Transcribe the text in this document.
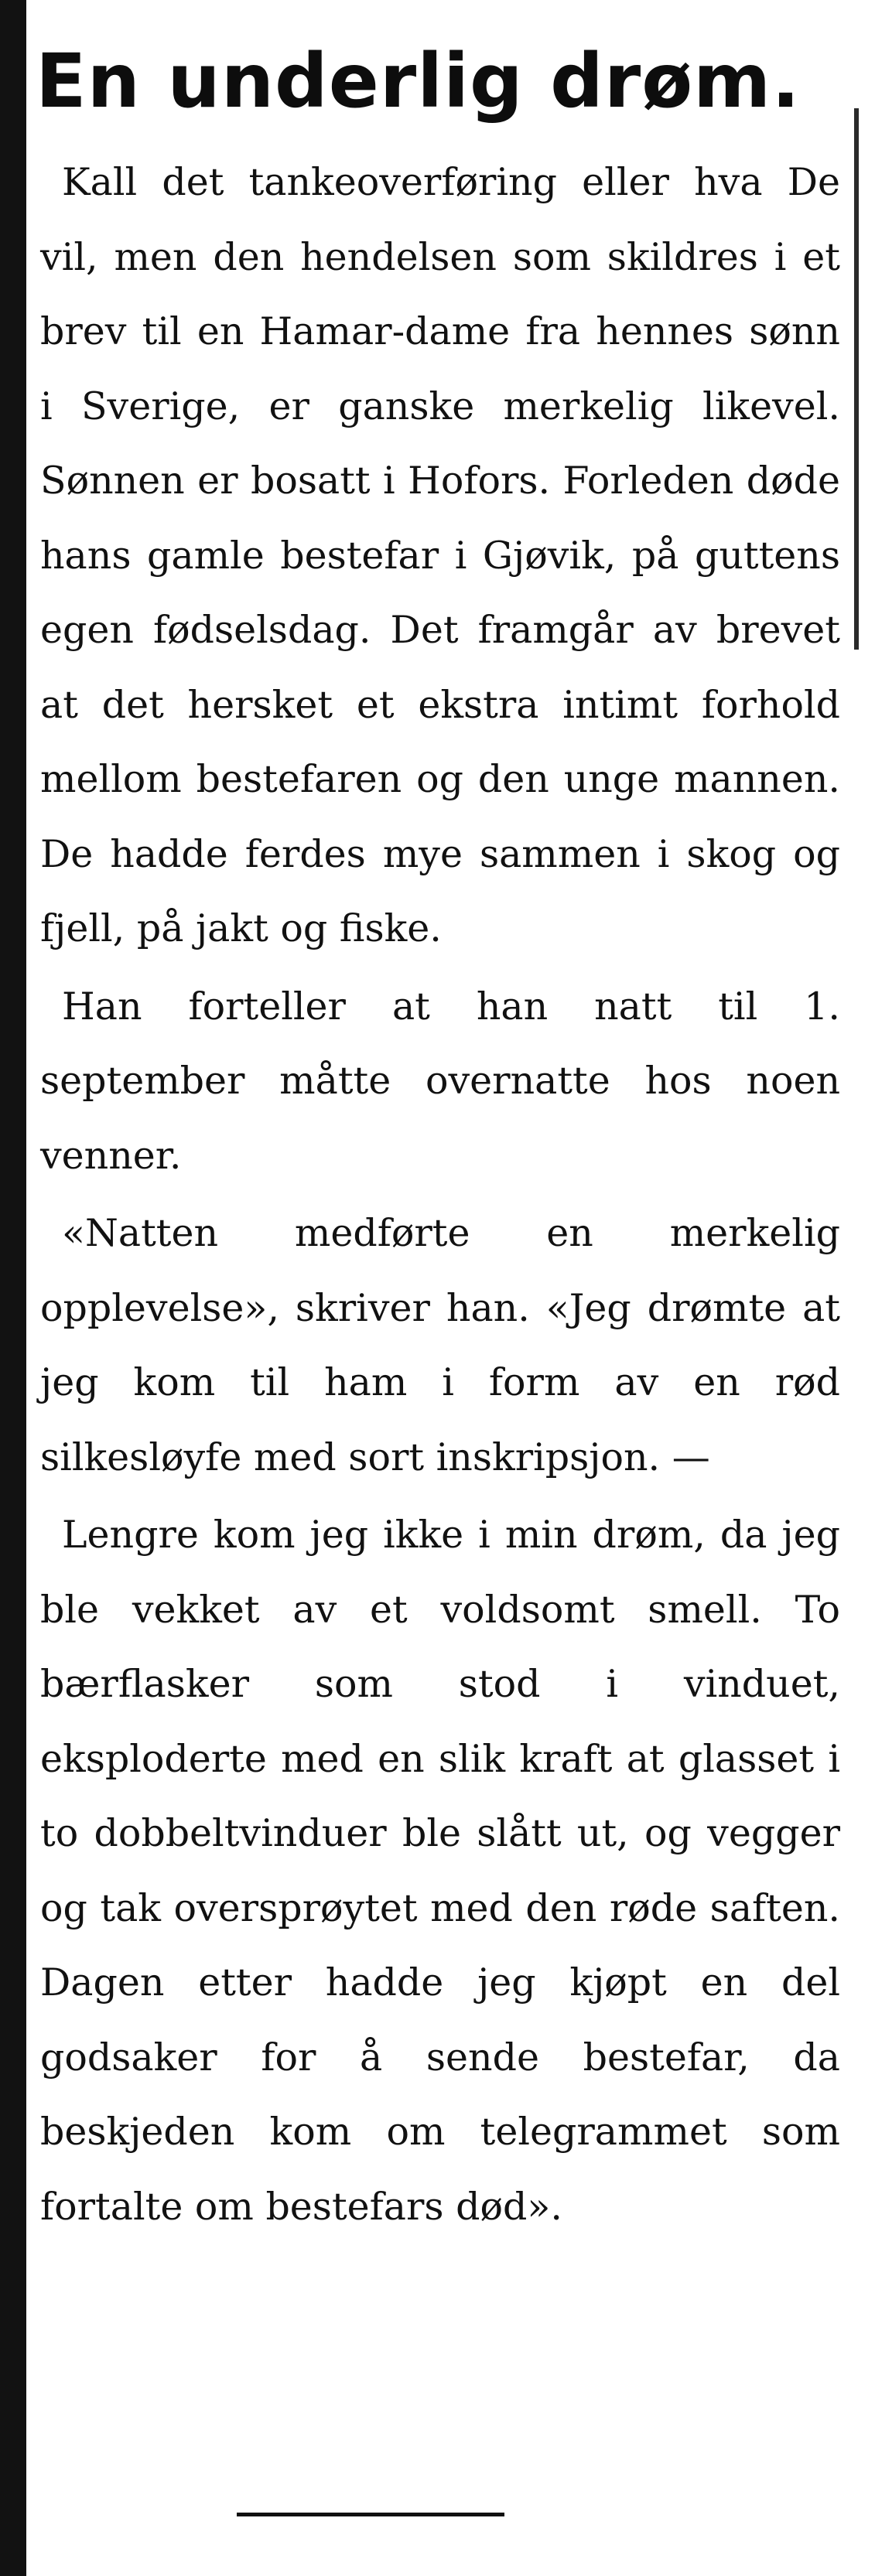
En underlig drøm.

Kall det tankeoverføring eller hva De vil, men den hendelsen som skildres i et brev til en Hamar-dame fra hennes sønn i Sverige, er ganske merkelig likevel. Sønnen er bosatt i Hofors. Forleden døde hans gamle bestefar i Gjøvik, på guttens egen fødselsdag. Det framgår av brevet at det hersket et ekstra intimt forhold mellom bestefaren og den unge mannen. De hadde ferdes mye sammen i skog og fjell, på jakt og fiske.

Han forteller at han natt til 1. september måtte overnatte hos noen venner.

«Natten medførte en merkelig opplevelse», skriver han. «Jeg drømte at jeg kom til ham i form av en rød silkesløyfe med sort inskripsjon. —

Lengre kom jeg ikke i min drøm, da jeg ble vekket av et voldsomt smell. To bærflasker som stod i vinduet, eksploderte med en slik kraft at glasset i to dobbeltvinduer ble slått ut, og vegger og tak oversprøytet med den røde saften. Dagen etter hadde jeg kjøpt en del godsaker for å sende bestefar, da beskjeden kom om telegrammet som fortalte om bestefars død».
